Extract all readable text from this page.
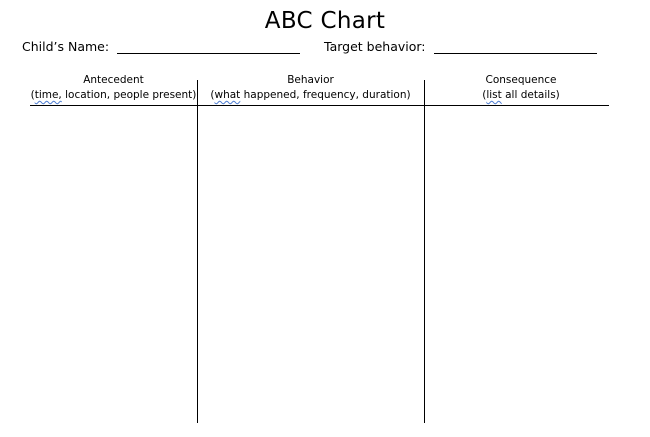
ABC Chart
Child’s Name:	Target behavior:
Antecedent
(time, location, people present)
Behavior
(what happened, frequency, duration)
Consequence
(list all details)
